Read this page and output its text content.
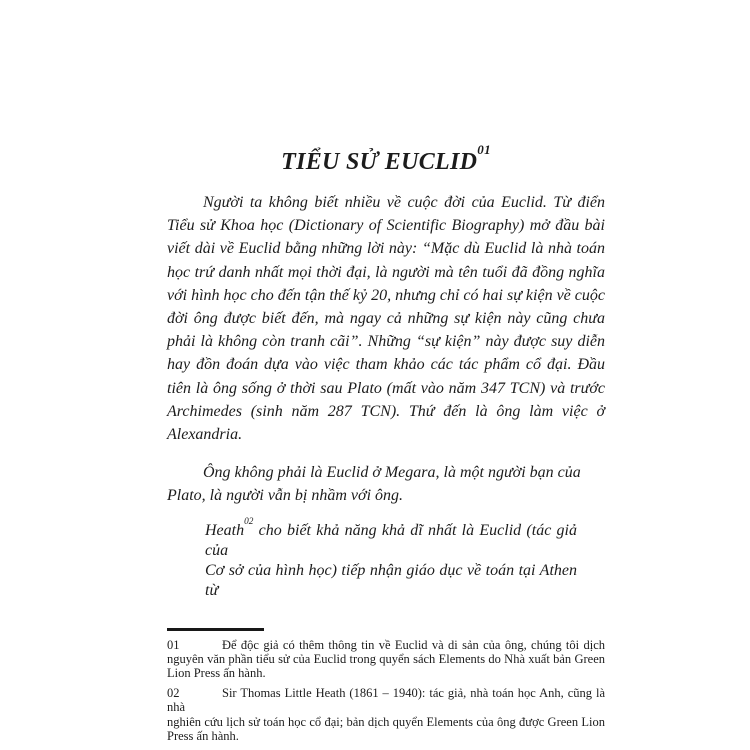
TIỂU SỬ EUCLID$^{01}$
Người ta không biết nhiều về cuộc đời của Euclid. Từ điển
Tiểu sử Khoa học (Dictionary of Scientific Biography) mở đầu bài
viết dài về Euclid bằng những lời này: “Mặc dù Euclid là nhà toán
học trứ danh nhất mọi thời đại, là người mà tên tuổi đã đồng nghĩa
với hình học cho đến tận thế kỷ 20, nhưng chỉ có hai sự kiện về cuộc
đời ông được biết đến, mà ngay cả những sự kiện này cũng chưa
phải là không còn tranh cãi”. Những “sự kiện” này được suy diễn
hay đồn đoán dựa vào việc tham khảo các tác phẩm cổ đại. Đầu
tiên là ông sống ở thời sau Plato (mất vào năm 347 TCN) và trước
Archimedes (sinh năm 287 TCN). Thứ đến là ông làm việc ở
Alexandria.
Ông không phải là Euclid ở Megara, là một người bạn của
Plato, là người vẫn bị nhầm với ông.
Heath$^{02}$ cho biết khả năng khả dĩ nhất là Euclid (tác giả của
Cơ sở của hình học) tiếp nhận giáo dục về toán tại Athen từ
01	Để độc giả có thêm thông tin về Euclid và di sản của ông, chúng tôi dịch
nguyên văn phần tiểu sử của Euclid trong quyển sách Elements do Nhà xuất bản Green
Lion Press ấn hành.
02	Sir Thomas Little Heath (1861 – 1940): tác giả, nhà toán học Anh, cũng là nhà
nghiên cứu lịch sử toán học cổ đại; bản dịch quyển Elements của ông được Green Lion
Press ấn hành.
